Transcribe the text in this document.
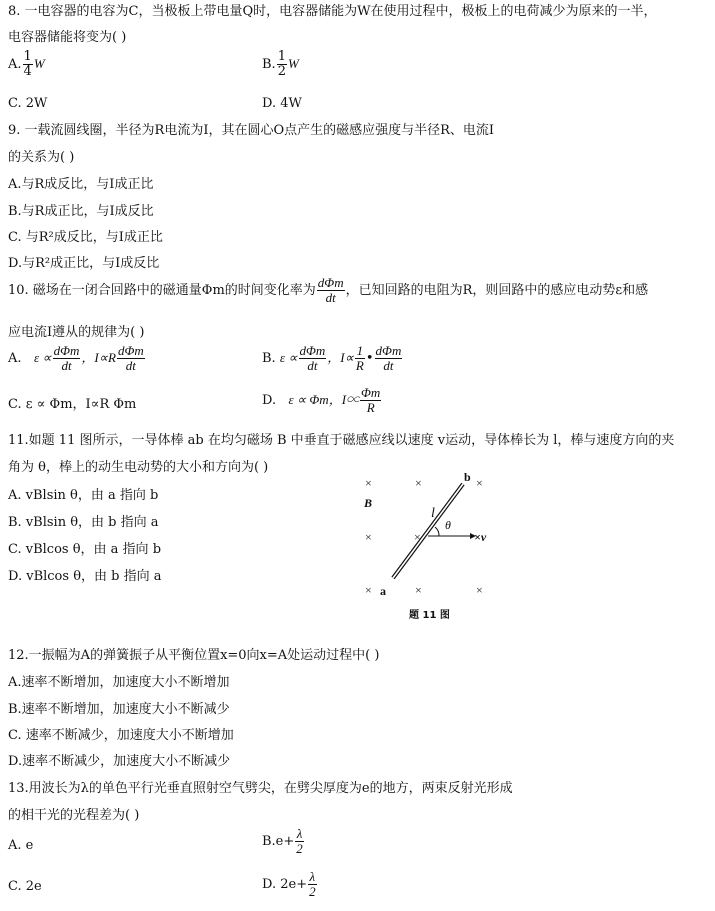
8. 一电容器的电容为C，当极板上带电量Q时，电容器储能为W在使用过程中，极板上的电荷减少为原来的一半，
电容器储能将变为( )
A. $\frac{1}{4}$ W	B. $\frac{1}{2}$ W
C. 2W	D. 4W
9. 一载流圆线圈，半径为R电流为I，其在圆心O点产生的磁感应强度与半径R、电流I
的关系为( )
A.与R成反比，与I成正比
B.与R成正比，与I成反比
C. 与R²成反比，与I成正比
D.与R²成正比，与I成反比
10. 磁场在一闭合回路中的磁通量Φm的时间变化率为 $\frac{\text{dΦm}}{dt}$ ，已知回路的电阻为R，则回路中的感应电动势ε和感
应电流I遵从的规律为( )
A. $\varepsilon \propto \frac{\text{dΦm}}{dt}$ ，$I\propto R \frac{\text{dΦm}}{dt}$	B. $\varepsilon \propto \frac{\text{dΦm}}{dt}$ ，$I\propto \frac{1}{R}$ • $\frac{\text{dΦm}}{dt}$
C. ε ∝ Φm，I∝R Φm	D. ε ∝ Φm，$I\propto \frac{\Phi m}{R}$
11.如题 11 图所示，一导体棒 ab 在均匀磁场 B 中垂直于磁感应线以速度 v运动，导体棒长为 l，棒与速度方向的夹
角为 θ，棒上的动生电动势的大小和方向为( )
A. vBlsin θ，由 a 指向 b
B. vBlsin θ，由 b 指向 a
C. vBlcos θ，由 a 指向 b
D. vBlcos θ，由 b 指向 a
×	×	×
b
B
l
θ
×	×	×v
× a ×	×
题 11 图
12.一振幅为A的弹簧振子从平衡位置x=0向x=A处运动过程中( )
A.速率不断增加，加速度大小不断增加
B.速率不断增加，加速度大小不断减少
C. 速率不断减少，加速度大小不断增加
D.速率不断减少，加速度大小不断减少
13.用波长为λ的单色平行光垂直照射空气劈尖，在劈尖厚度为e的地方，两束反射光形成
的相干光的光程差为( )
A. e	$B.e+ \frac{\lambda}{2}$
C. 2e	D. $2e+ \frac{\lambda}{2}$
